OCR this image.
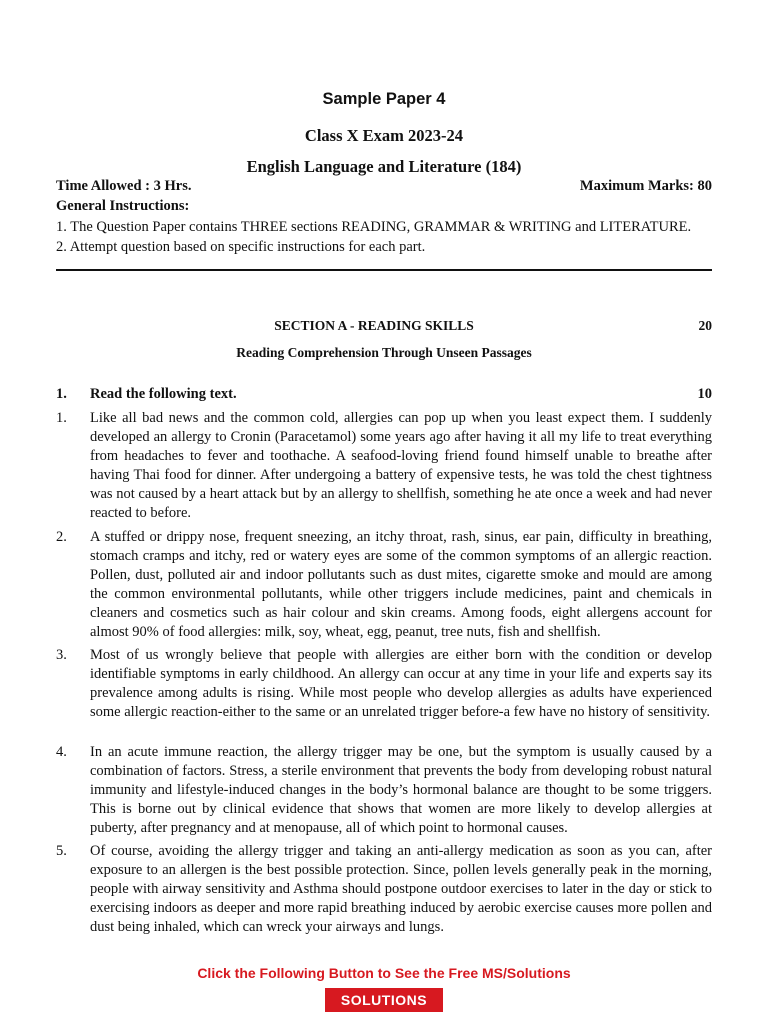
Sample Paper 4
Class X Exam 2023-24
English Language and Literature (184)
Time Allowed : 3 Hrs.	Maximum Marks: 80
General Instructions:
1. The Question Paper contains THREE sections READING, GRAMMAR & WRITING and LITERATURE.
2. Attempt question based on specific instructions for each part.
SECTION A - READING SKILLS	20
Reading Comprehension Through Unseen Passages
1. Read the following text.	10
1. Like all bad news and the common cold, allergies can pop up when you least expect them. I suddenly developed an allergy to Cronin (Paracetamol) some years ago after having it all my life to treat everything from headaches to fever and toothache. A seafood-loving friend found himself unable to breathe after having Thai food for dinner. After undergoing a battery of expensive tests, he was told the chest tightness was not caused by a heart attack but by an allergy to shellfish, something he ate once a week and had never reacted to before.
2. A stuffed or drippy nose, frequent sneezing, an itchy throat, rash, sinus, ear pain, difficulty in breathing, stomach cramps and itchy, red or watery eyes are some of the common symptoms of an allergic reaction. Pollen, dust, polluted air and indoor pollutants such as dust mites, cigarette smoke and mould are among the common environmental pollutants, while other triggers include medicines, paint and chemicals in cleaners and cosmetics such as hair colour and skin creams. Among foods, eight allergens account for almost 90% of food allergies: milk, soy, wheat, egg, peanut, tree nuts, fish and shellfish.
3. Most of us wrongly believe that people with allergies are either born with the condition or develop identifiable symptoms in early childhood. An allergy can occur at any time in your life and experts say its prevalence among adults is rising. While most people who develop allergies as adults have experienced some allergic reaction-either to the same or an unrelated trigger before-a few have no history of sensitivity.
4. In an acute immune reaction, the allergy trigger may be one, but the symptom is usually caused by a combination of factors. Stress, a sterile environment that prevents the body from developing robust natural immunity and lifestyle-induced changes in the body’s hormonal balance are thought to be some triggers. This is borne out by clinical evidence that shows that women are more likely to develop allergies at puberty, after pregnancy and at menopause, all of which point to hormonal causes.
5. Of course, avoiding the allergy trigger and taking an anti-allergy medication as soon as you can, after exposure to an allergen is the best possible protection. Since, pollen levels generally peak in the morning, people with airway sensitivity and Asthma should postpone outdoor exercises to later in the day or stick to exercising indoors as deeper and more rapid breathing induced by aerobic exercise causes more pollen and dust being inhaled, which can wreck your airways and lungs.
Click the Following Button to See the Free MS/Solutions
SOLUTIONS
